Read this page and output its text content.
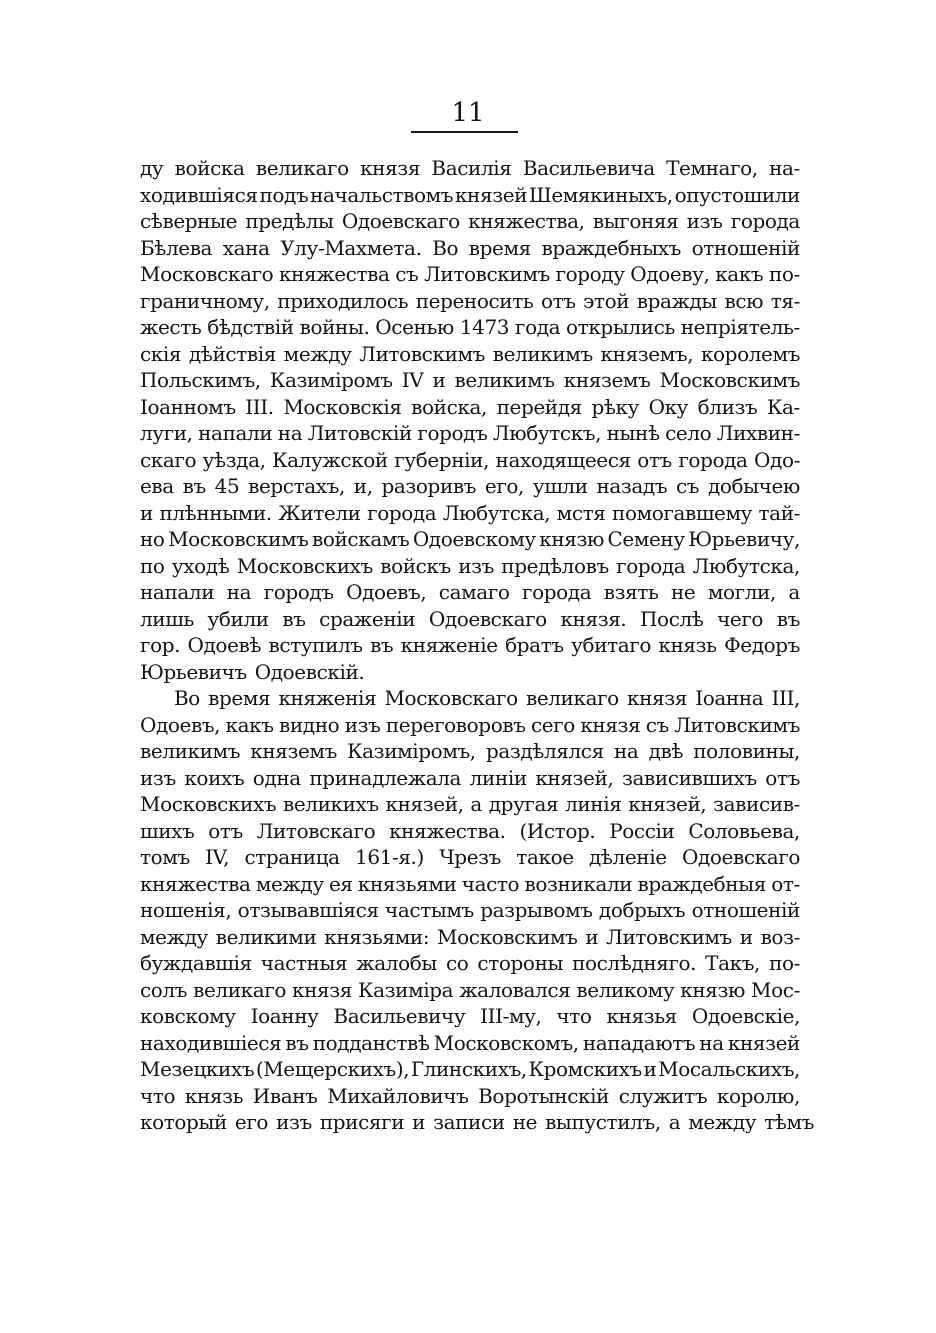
11
ду войска великаго князя Василія Васильевича Темнаго, на-
ходившіяся подъ начальствомъ князей Шемякиныхъ, опустошили
сѣверные предѣлы Одоевскаго княжества, выгоняя изъ города
Бѣлева хана Улу-Махмета. Во время враждебныхъ отношеній
Московскаго княжества съ Литовскимъ городу Одоеву, какъ по-
граничному, приходилось переносить отъ этой вражды всю тя-
жесть бѣдствій войны. Осенью 1473 года открылись непріятель-
скія дѣйствія между Литовскимъ великимъ княземъ, королемъ
Польскимъ, Казиміромъ IV и великимъ княземъ Московскимъ
Іоанномъ III. Московскія войска, перейдя рѣку Оку близъ Ка-
луги, напали на Литовскій городъ Любутскъ, нынѣ село Лихвин-
скаго уѣзда, Калужской губерніи, находящееся отъ города Одо-
ева въ 45 верстахъ, и, разоривъ его, ушли назадъ съ добычею
и плѣнными. Жители города Любутска, мстя помогавшему тай-
но Московскимъ войскамъ Одоевскому князю Семену Юрьевичу,
по уходѣ Московскихъ войскъ изъ предѣловъ города Любутска,
напали на городъ Одоевъ, самаго города взять не могли, а
лишь убили въ сраженіи Одоевскаго князя. Послѣ чего въ
гор. Одоевѣ вступилъ въ княженіе братъ убитаго князь Федоръ
Юрьевичъ Одоевскій.
Во время княженія Московскаго великаго князя Іоанна III,
Одоевъ, какъ видно изъ переговоровъ сего князя съ Литовскимъ
великимъ княземъ Казиміромъ, раздѣлялся на двѣ половины,
изъ коихъ одна принадлежала линіи князей, зависившихъ отъ
Московскихъ великихъ князей, а другая линія князей, зависив-
шихъ отъ Литовскаго княжества. (Истор. Россіи Соловьева,
томъ IV, страница 161-я.) Чрезъ такое дѣленіе Одоевскаго
княжества между ея князьями часто возникали враждебныя от-
ношенія, отзывавшіяся частымъ разрывомъ добрыхъ отношеній
между великими князьями: Московскимъ и Литовскимъ и воз-
буждавшія частныя жалобы со стороны послѣдняго. Такъ, по-
солъ великаго князя Казиміра жаловался великому князю Мос-
ковскому Іоанну Васильевичу III-му, что князья Одоевскіе,
находившіеся въ подданствѣ Московскомъ, нападаютъ на князей
Мезецкихъ (Мещерскихъ), Глинскихъ, Кромскихъ и Мосальскихъ,
что князь Иванъ Михайловичъ Воротынскій служитъ королю,
который его изъ присяги и записи не выпустилъ, а между тѣмъ
